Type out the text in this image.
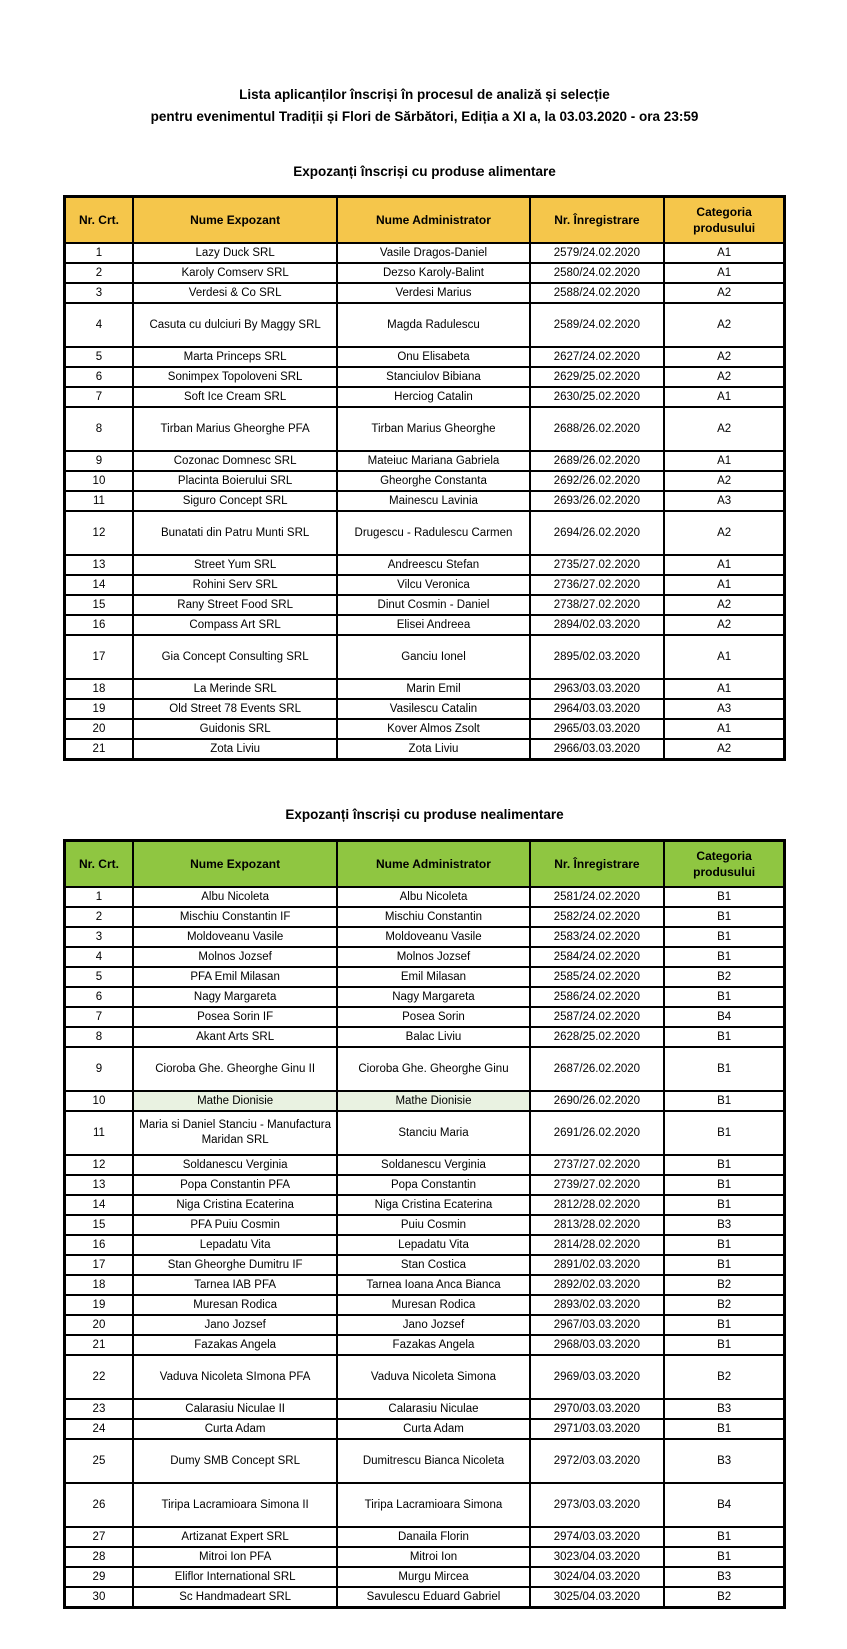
Lista aplicanților înscriși în procesul de analiză și selecție
pentru evenimentul Tradiții și Flori de Sărbători, Ediția a XI a, la 03.03.2020 - ora 23:59
Expozanți înscriși cu produse alimentare
Nr. Crt.	Nume Expozant	Nume Administrator	Nr. Înregistrare	Categoria produsului
1	Lazy Duck SRL	Vasile Dragos-Daniel	2579/24.02.2020	A1
2	Karoly Comserv SRL	Dezso Karoly-Balint	2580/24.02.2020	A1
3	Verdesi & Co SRL	Verdesi Marius	2588/24.02.2020	A2
4	Casuta cu dulciuri By Maggy SRL	Magda Radulescu	2589/24.02.2020	A2
5	Marta Princeps SRL	Onu Elisabeta	2627/24.02.2020	A2
6	Sonimpex Topoloveni SRL	Stanciulov Bibiana	2629/25.02.2020	A2
7	Soft Ice Cream SRL	Herciog Catalin	2630/25.02.2020	A1
8	Tirban Marius Gheorghe PFA	Tirban Marius Gheorghe	2688/26.02.2020	A2
9	Cozonac Domnesc SRL	Mateiuc Mariana Gabriela	2689/26.02.2020	A1
10	Placinta Boierului SRL	Gheorghe Constanta	2692/26.02.2020	A2
11	Siguro Concept SRL	Mainescu Lavinia	2693/26.02.2020	A3
12	Bunatati din Patru Munti SRL	Drugescu - Radulescu Carmen	2694/26.02.2020	A2
13	Street Yum SRL	Andreescu Stefan	2735/27.02.2020	A1
14	Rohini Serv SRL	Vilcu Veronica	2736/27.02.2020	A1
15	Rany Street Food SRL	Dinut Cosmin - Daniel	2738/27.02.2020	A2
16	Compass Art SRL	Elisei Andreea	2894/02.03.2020	A2
17	Gia Concept Consulting SRL	Ganciu Ionel	2895/02.03.2020	A1
18	La Merinde SRL	Marin Emil	2963/03.03.2020	A1
19	Old Street 78 Events SRL	Vasilescu Catalin	2964/03.03.2020	A3
20	Guidonis SRL	Kover Almos Zsolt	2965/03.03.2020	A1
21	Zota Liviu	Zota Liviu	2966/03.03.2020	A2
Expozanți înscriși cu produse nealimentare
Nr. Crt.	Nume Expozant	Nume Administrator	Nr. Înregistrare	Categoria produsului
1	Albu Nicoleta	Albu Nicoleta	2581/24.02.2020	B1
2	Mischiu Constantin IF	Mischiu Constantin	2582/24.02.2020	B1
3	Moldoveanu Vasile	Moldoveanu Vasile	2583/24.02.2020	B1
4	Molnos Jozsef	Molnos Jozsef	2584/24.02.2020	B1
5	PFA Emil Milasan	Emil Milasan	2585/24.02.2020	B2
6	Nagy Margareta	Nagy Margareta	2586/24.02.2020	B1
7	Posea Sorin IF	Posea Sorin	2587/24.02.2020	B4
8	Akant Arts SRL	Balac Liviu	2628/25.02.2020	B1
9	Cioroba Ghe. Gheorghe Ginu II	Cioroba Ghe. Gheorghe Ginu	2687/26.02.2020	B1
10	Mathe Dionisie	Mathe Dionisie	2690/26.02.2020	B1
11	Maria si Daniel Stanciu - Manufactura Maridan SRL	Stanciu Maria	2691/26.02.2020	B1
12	Soldanescu Verginia	Soldanescu Verginia	2737/27.02.2020	B1
13	Popa Constantin PFA	Popa Constantin	2739/27.02.2020	B1
14	Niga Cristina Ecaterina	Niga Cristina Ecaterina	2812/28.02.2020	B1
15	PFA Puiu Cosmin	Puiu Cosmin	2813/28.02.2020	B3
16	Lepadatu Vita	Lepadatu Vita	2814/28.02.2020	B1
17	Stan Gheorghe Dumitru IF	Stan Costica	2891/02.03.2020	B1
18	Tarnea IAB PFA	Tarnea Ioana Anca Bianca	2892/02.03.2020	B2
19	Muresan Rodica	Muresan Rodica	2893/02.03.2020	B2
20	Jano Jozsef	Jano Jozsef	2967/03.03.2020	B1
21	Fazakas Angela	Fazakas Angela	2968/03.03.2020	B1
22	Vaduva Nicoleta SImona PFA	Vaduva Nicoleta Simona	2969/03.03.2020	B2
23	Calarasiu Niculae II	Calarasiu Niculae	2970/03.03.2020	B3
24	Curta Adam	Curta Adam	2971/03.03.2020	B1
25	Dumy SMB Concept SRL	Dumitrescu Bianca Nicoleta	2972/03.03.2020	B3
26	Tiripa Lacramioara Simona II	Tiripa Lacramioara Simona	2973/03.03.2020	B4
27	Artizanat Expert SRL	Danaila Florin	2974/03.03.2020	B1
28	Mitroi Ion PFA	Mitroi Ion	3023/04.03.2020	B1
29	Eliflor International SRL	Murgu Mircea	3024/04.03.2020	B3
30	Sc Handmadeart SRL	Savulescu Eduard Gabriel	3025/04.03.2020	B2
